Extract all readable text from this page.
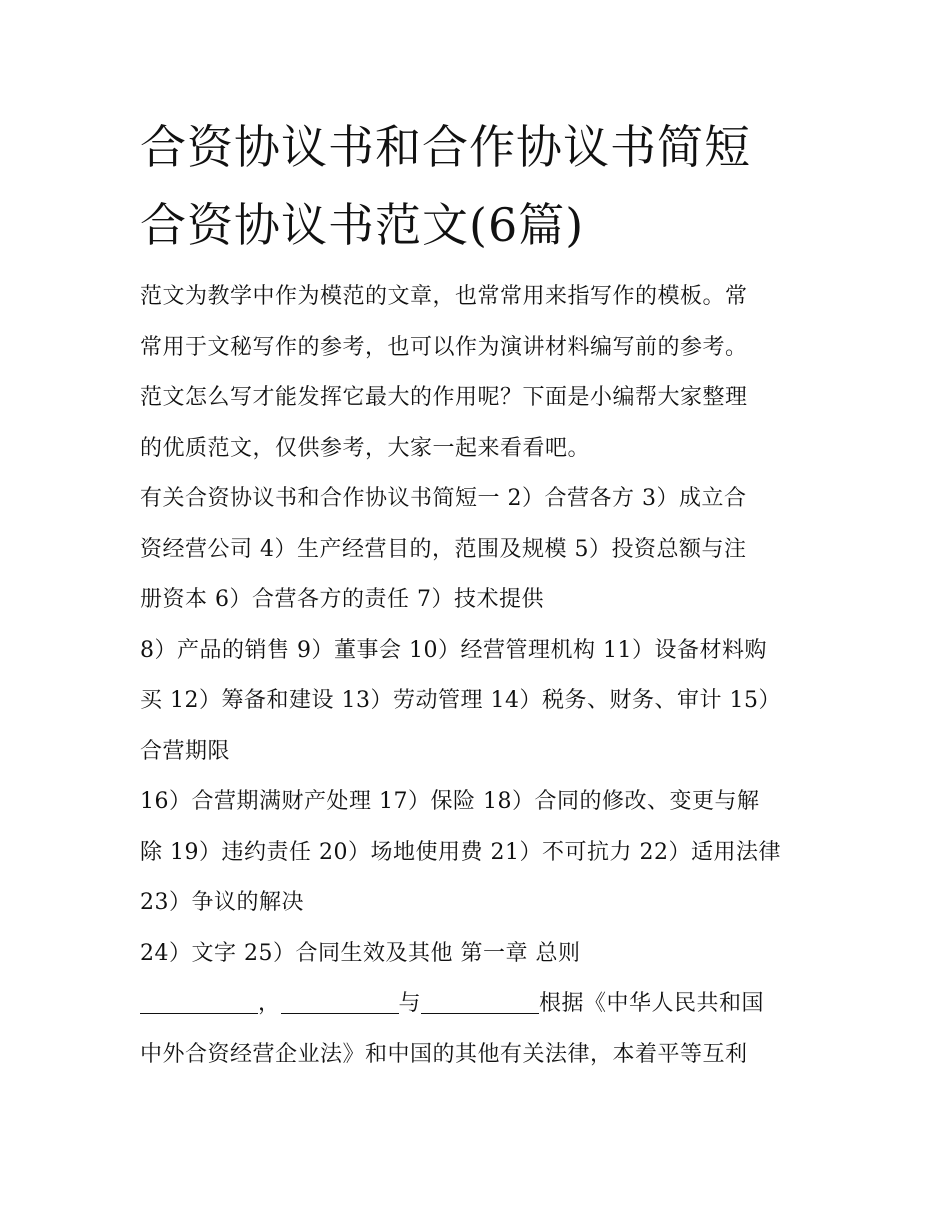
合资协议书和合作协议书简短
合资协议书范文(6篇)
范文为教学中作为模范的文章，也常常用来指写作的模板。常
常用于文秘写作的参考，也可以作为演讲材料编写前的参考。
范文怎么写才能发挥它最大的作用呢？下面是小编帮大家整理
的优质范文，仅供参考，大家一起来看看吧。
有关合资协议书和合作协议书简短一 2）合营各方 3）成立合
资经营公司 4）生产经营目的，范围及规模 5）投资总额与注
册资本 6）合营各方的责任 7）技术提供
8）产品的销售 9）董事会 10）经营管理机构 11）设备材料购
买 12）筹备和建设 13）劳动管理 14）税务、财务、审计 15）
合营期限
16）合营期满财产处理 17）保险 18）合同的修改、变更与解
除 19）违约责任 20）场地使用费 21）不可抗力 22）适用法律
23）争议的解决
24）文字 25）合同生效及其他 第一章 总则
，	与	根据《中华人民共和国
中外合资经营企业法》和中国的其他有关法律，本着平等互利
